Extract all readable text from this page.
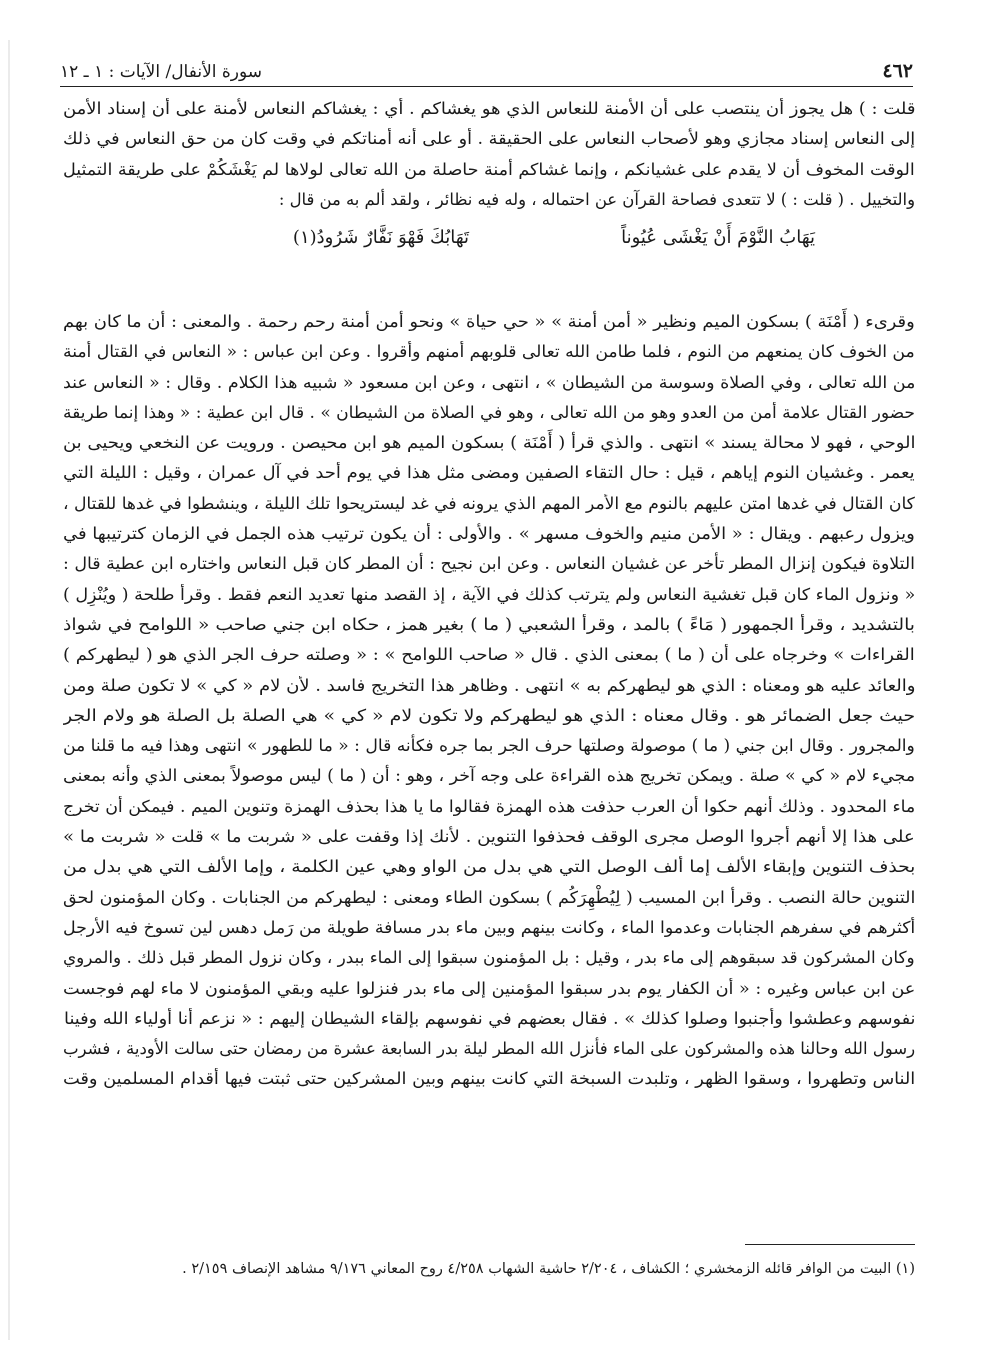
٤٦٢
سورة الأنفال/ الآيات : ١ ـ ١٢
قلت : ) هل يجوز أن ينتصب على أن الأمنة للنعاس الذي هو يغشاكم . أي : يغشاكم النعاس لأمنة على أن إسناد الأمن
إلى النعاس إسناد مجازي وهو لأصحاب النعاس على الحقيقة . أو على أنه أمناتكم في وقت كان من حق النعاس في ذلك
الوقت المخوف أن لا يقدم على غشيانكم ، وإنما غشاكم أمنة حاصلة من الله تعالى لولاها لم يَغْشَكُمْ على طريقة التمثيل
والتخييل . ( قلت : ) لا تتعدى فصاحة القرآن عن احتماله ، وله فيه نظائر ، ولقد ألم به من قال :
يَهَابُ النَّوْمَ أَنْ يَغْشَى عُيُوناً
تَهَابُكَ فَهْوَ نَفَّارٌ شَرُودُ(١)
وقرىء ( أَمْنَة ) بسكون الميم ونظير « أمن أمنة » « حي حياة » ونحو أمن أمنة رحم رحمة . والمعنى : أن ما كان بهم
من الخوف كان يمنعهم من النوم ، فلما طامن الله تعالى قلوبهم أمنهم وأقروا . وعن ابن عباس : « النعاس في القتال أمنة
من الله تعالى ، وفي الصلاة وسوسة من الشيطان » ، انتهى ، وعن ابن مسعود « شبيه هذا الكلام . وقال : « النعاس عند
حضور القتال علامة أمن من العدو وهو من الله تعالى ، وهو في الصلاة من الشيطان » . قال ابن عطية : « وهذا إنما طريقة
الوحي ، فهو لا محالة يسند » انتهى . والذي قرأ ( أَمْنَة ) بسكون الميم هو ابن محيصن . ورويت عن النخعي ويحيى بن
يعمر . وغشيان النوم إياهم ، قيل : حال التقاء الصفين ومضى مثل هذا في يوم أحد في آل عمران ، وقيل : الليلة التي
كان القتال في غدها امتن عليهم بالنوم مع الأمر المهم الذي يرونه في غد ليستريحوا تلك الليلة ، وينشطوا في غدها للقتال ،
ويزول رعبهم . ويقال : « الأمن منيم والخوف مسهر » . والأولى : أن يكون ترتيب هذه الجمل في الزمان كترتيبها في
التلاوة فيكون إنزال المطر تأخر عن غشيان النعاس . وعن ابن نجيح : أن المطر كان قبل النعاس واختاره ابن عطية قال :
« ونزول الماء كان قبل تغشية النعاس ولم يترتب كذلك في الآية ، إذ القصد منها تعديد النعم فقط . وقرأ طلحة ( ويُنْزِل )
بالتشديد ، وقرأ الجمهور ( مَاءً ) بالمد ، وقرأ الشعبي ( ما ) بغير همز ، حكاه ابن جني صاحب « اللوامح في شواذ
القراءات » وخرجاه على أن ( ما ) بمعنى الذي . قال « صاحب اللوامح » : « وصلته حرف الجر الذي هو ( ليطهركم )
والعائد عليه هو ومعناه : الذي هو ليطهركم به » انتهى . وظاهر هذا التخريج فاسد . لأن لام « كي » لا تكون صلة ومن
حيث جعل الضمائر هو . وقال معناه : الذي هو ليطهركم ولا تكون لام « كي » هي الصلة بل الصلة هو ولام الجر
والمجرور . وقال ابن جني ( ما ) موصولة وصلتها حرف الجر بما جره فكأنه قال : « ما للطهور » انتهى وهذا فيه ما قلنا من
مجيء لام « كي » صلة . ويمكن تخريج هذه القراءة على وجه آخر ، وهو : أن ( ما ) ليس موصولاً بمعنى الذي وأنه بمعنى
ماء المحدود . وذلك أنهم حكوا أن العرب حذفت هذه الهمزة فقالوا ما يا هذا بحذف الهمزة وتنوين الميم . فيمكن أن تخرج
على هذا إلا أنهم أجروا الوصل مجرى الوقف فحذفوا التنوين . لأنك إذا وقفت على « شربت ما » قلت « شربت ما »
بحذف التنوين وإبقاء الألف إما ألف الوصل التي هي بدل من الواو وهي عين الكلمة ، وإما الألف التي هي بدل من
التنوين حالة النصب . وقرأ ابن المسيب ( لِيُطْهِرَكُم ) بسكون الطاء ومعنى : ليطهركم من الجنابات . وكان المؤمنون لحق
أكثرهم في سفرهم الجنابات وعدموا الماء ، وكانت بينهم وبين ماء بدر مسافة طويلة من رَمل دهس لين تسوخ فيه الأرجل
وكان المشركون قد سبقوهم إلى ماء بدر ، وقيل : بل المؤمنون سبقوا إلى الماء ببدر ، وكان نزول المطر قبل ذلك . والمروي
عن ابن عباس وغيره : « أن الكفار يوم بدر سبقوا المؤمنين إلى ماء بدر فنزلوا عليه وبقي المؤمنون لا ماء لهم فوجست
نفوسهم وعطشوا وأجنبوا وصلوا كذلك » . فقال بعضهم في نفوسهم بإلقاء الشيطان إليهم : « نزعم أنا أولياء الله وفينا
رسول الله وحالنا هذه والمشركون على الماء فأنزل الله المطر ليلة بدر السابعة عشرة من رمضان حتى سالت الأودية ، فشرب
الناس وتطهروا ، وسقوا الظهر ، وتلبدت السبخة التي كانت بينهم وبين المشركين حتى ثبتت فيها أقدام المسلمين وقت
(١) البيت من الوافر قائله الزمخشري ؛ الكشاف ، ٢/٢٠٤ حاشية الشهاب ٤/٢٥٨ روح المعاني ٩/١٧٦ مشاهد الإنصاف ٢/١٥٩ .
